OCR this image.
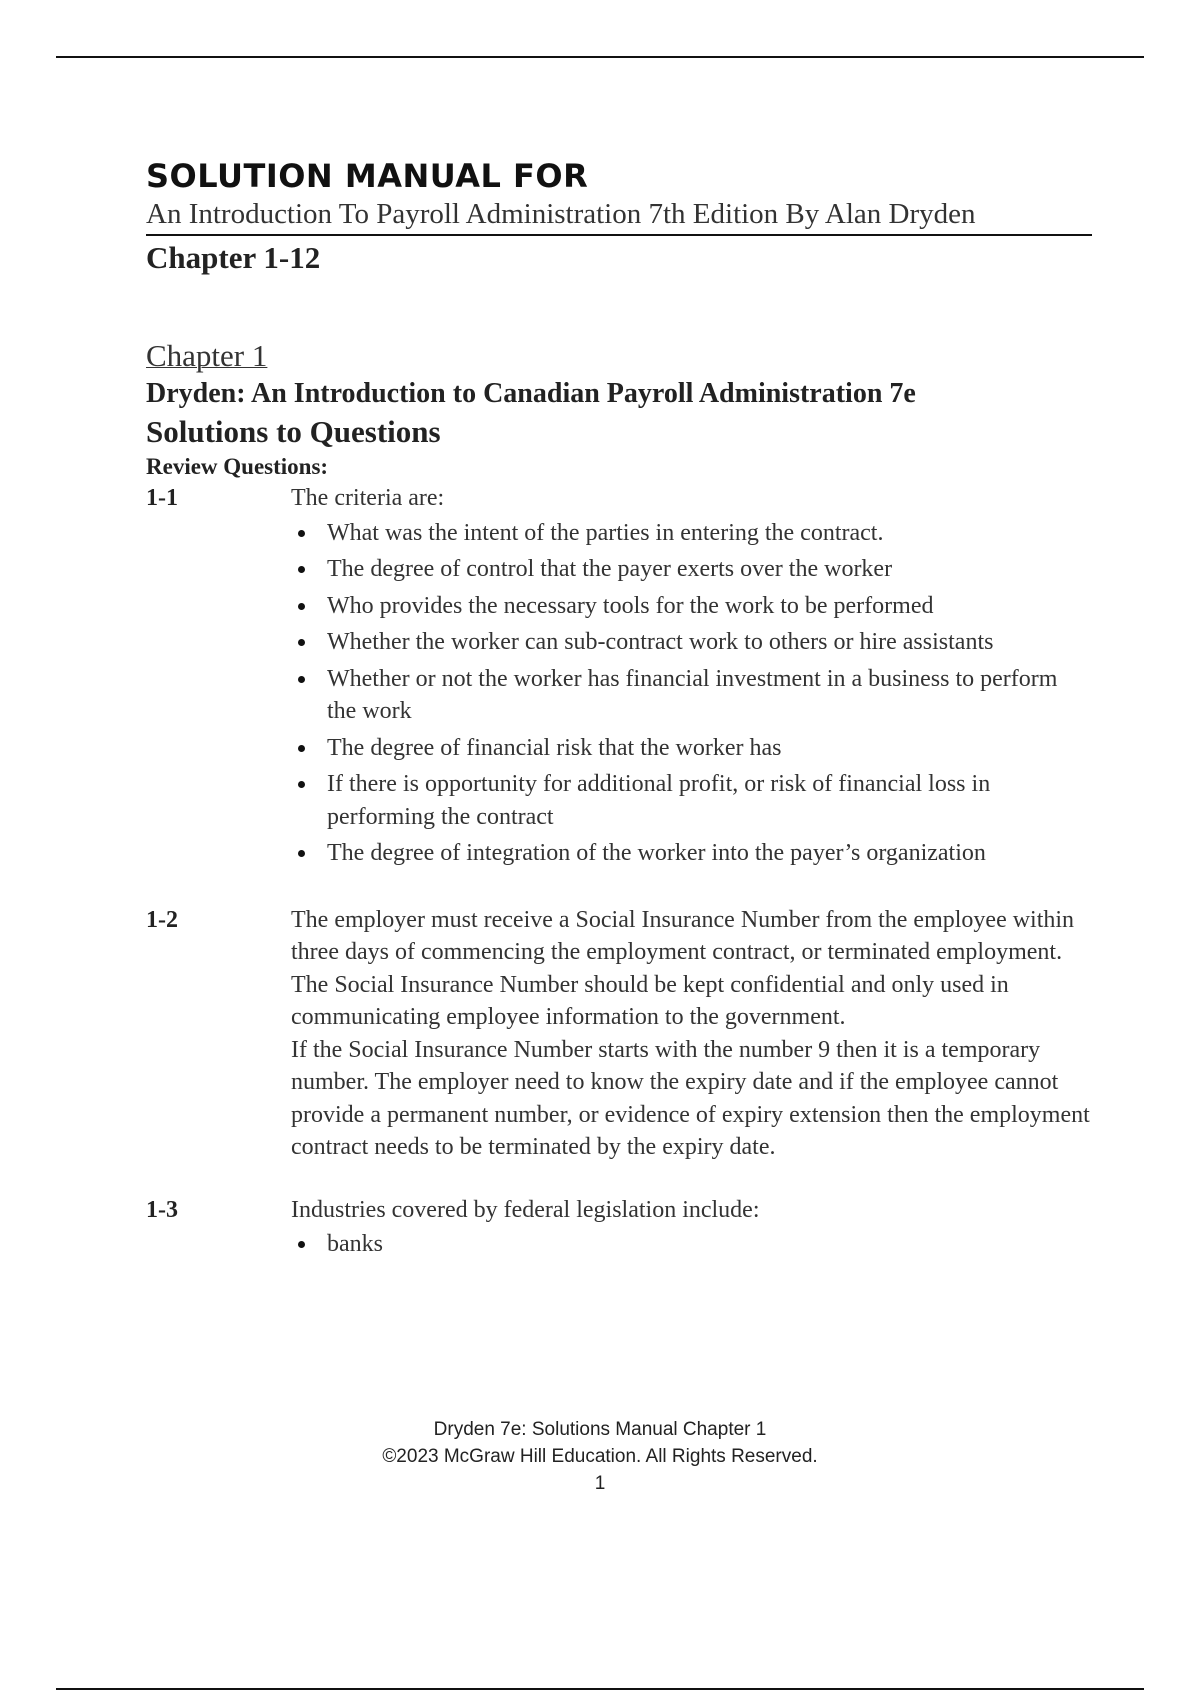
SOLUTION MANUAL FOR
An Introduction To Payroll Administration 7th Edition By Alan Dryden
Chapter 1-12
Chapter 1
Dryden: An Introduction to Canadian Payroll Administration 7e
Solutions to Questions
Review Questions:
1-1	The criteria are:

What was the intent of the parties in entering the contract.
The degree of control that the payer exerts over the worker
Who provides the necessary tools for the work to be performed
Whether the worker can sub-contract work to others or hire assistants
Whether or not the worker has financial investment in a business to perform the work
The degree of financial risk that the worker has
If there is opportunity for additional profit, or risk of financial loss in performing the contract
The degree of integration of the worker into the payer’s organization
1-2	The employer must receive a Social Insurance Number from the employee within three days of commencing the employment contract, or terminated employment.

The Social Insurance Number should be kept confidential and only used in communicating employee information to the government.

If the Social Insurance Number starts with the number 9 then it is a temporary number. The employer need to know the expiry date and if the employee cannot provide a permanent number, or evidence of expiry extension then the employment contract needs to be terminated by the expiry date.

1-3	Industries covered by federal legislation include:

banks
Dryden 7e: Solutions Manual Chapter 1
©2023 McGraw Hill Education. All Rights Reserved.
1
